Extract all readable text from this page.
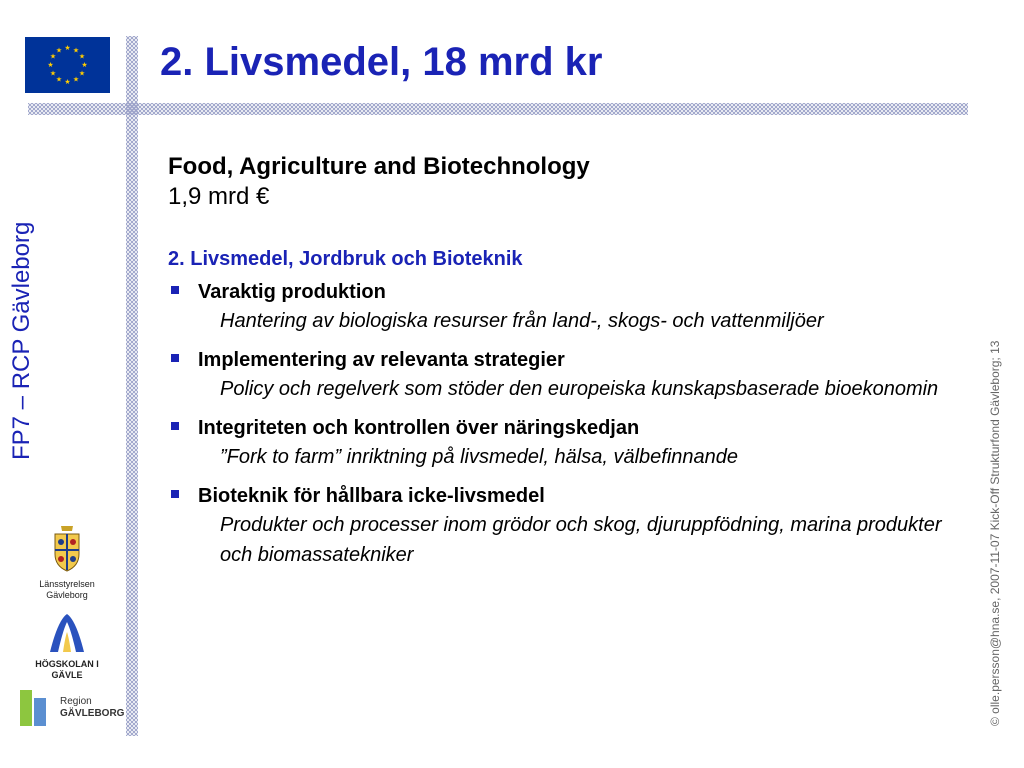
★ ★
★
★
★
★
★
★
★
★
★
★ 2. Livsmedel, 18 mrd kr
FP7 – RCP Gävleborg	© olle.persson@hna.se, 2007-11-07 Kick-Off Strukturfond Gävleborg; 13
Länsstyrelsen Gävleborg
HÖGSKOLAN I GÄVLE
Region
GÄVLEBORG
Food, Agriculture and Biotechnology
1,9 mrd €
2. Livsmedel, Jordbruk och Bioteknik
Varaktig produktion
Hantering av biologiska resurser från land-, skogs- och vattenmiljöer
Implementering av relevanta strategier
Policy och regelverk som stöder den europeiska kunskapsbaserade bioekonomin
Integriteten och kontrollen över näringskedjan
”Fork to farm” inriktning på livsmedel, hälsa, välbefinnande
Bioteknik för hållbara icke-livsmedel
Produkter och processer inom grödor och skog, djuruppfödning, marina produkter och biomassatekniker
